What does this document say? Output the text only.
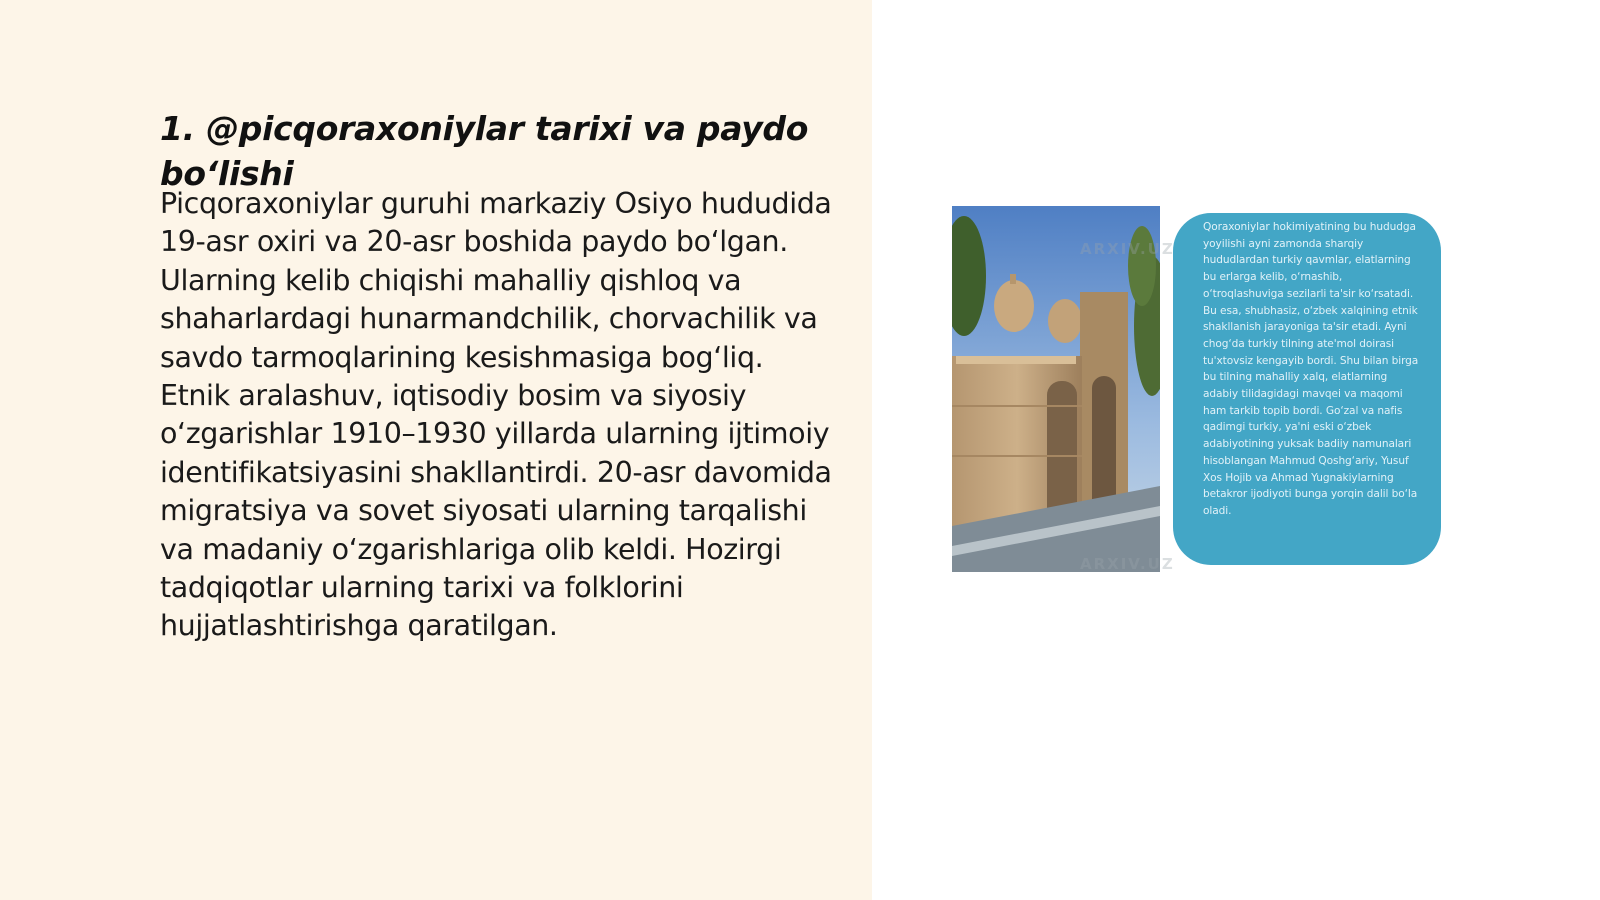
1. @picqoraxoniylar tarixi va paydo bo‘lishi

Picqoraxoniylar guruhi markaziy Osiyo hududida 19-asr oxiri va 20-asr boshida paydo bo‘lgan. Ularning kelib chiqishi mahalliy qishloq va shaharlardagi hunarmandchilik, chorvachilik va savdo tarmoqlarining kesishmasiga bog‘liq. Etnik aralashuv, iqtisodiy bosim va siyosiy o‘zgarishlar 1910–1930 yillarda ularning ijtimoiy identifikatsiyasini shakllantirdi. 20-asr davomida migratsiya va sovet siyosati ularning tarqalishi va madaniy o‘zgarishlariga olib keldi. Hozirgi tadqiqotlar ularning tarixi va folklorini hujjatlashtirishga qaratilgan.

Qoraxoniylar hokimiyatining bu hududga yoyilishi ayni zamonda sharqiy hududlardan turkiy qavmlar, elatlarning bu erlarga kelib, o‘rnashib, o‘troqlashuviga sezilarli ta'sir ko‘rsatadi. Bu esa, shubhasiz, o‘zbek xalqining etnik shakllanish jarayoniga ta'sir etadi. Ayni chog‘da turkiy tilning ate'mol doirasi tu'xtovsiz kengayib bordi. Shu bilan birga bu tilning mahalliy xalq, elatlarning adabiy tilidagidagi mavqei va maqomi ham tarkib topib bordi. Go‘zal va nafis qadimgi turkiy, ya'ni eski o‘zbek adabiyotining yuksak badiiy namunalari hisoblangan Mahmud Qoshg‘ariy, Yusuf Xos Hojib va Ahmad Yugnakiylarning betakror ijodiyoti bunga yorqin dalil bo‘la oladi.

ARXIV.UZ
ARXIV.UZ
